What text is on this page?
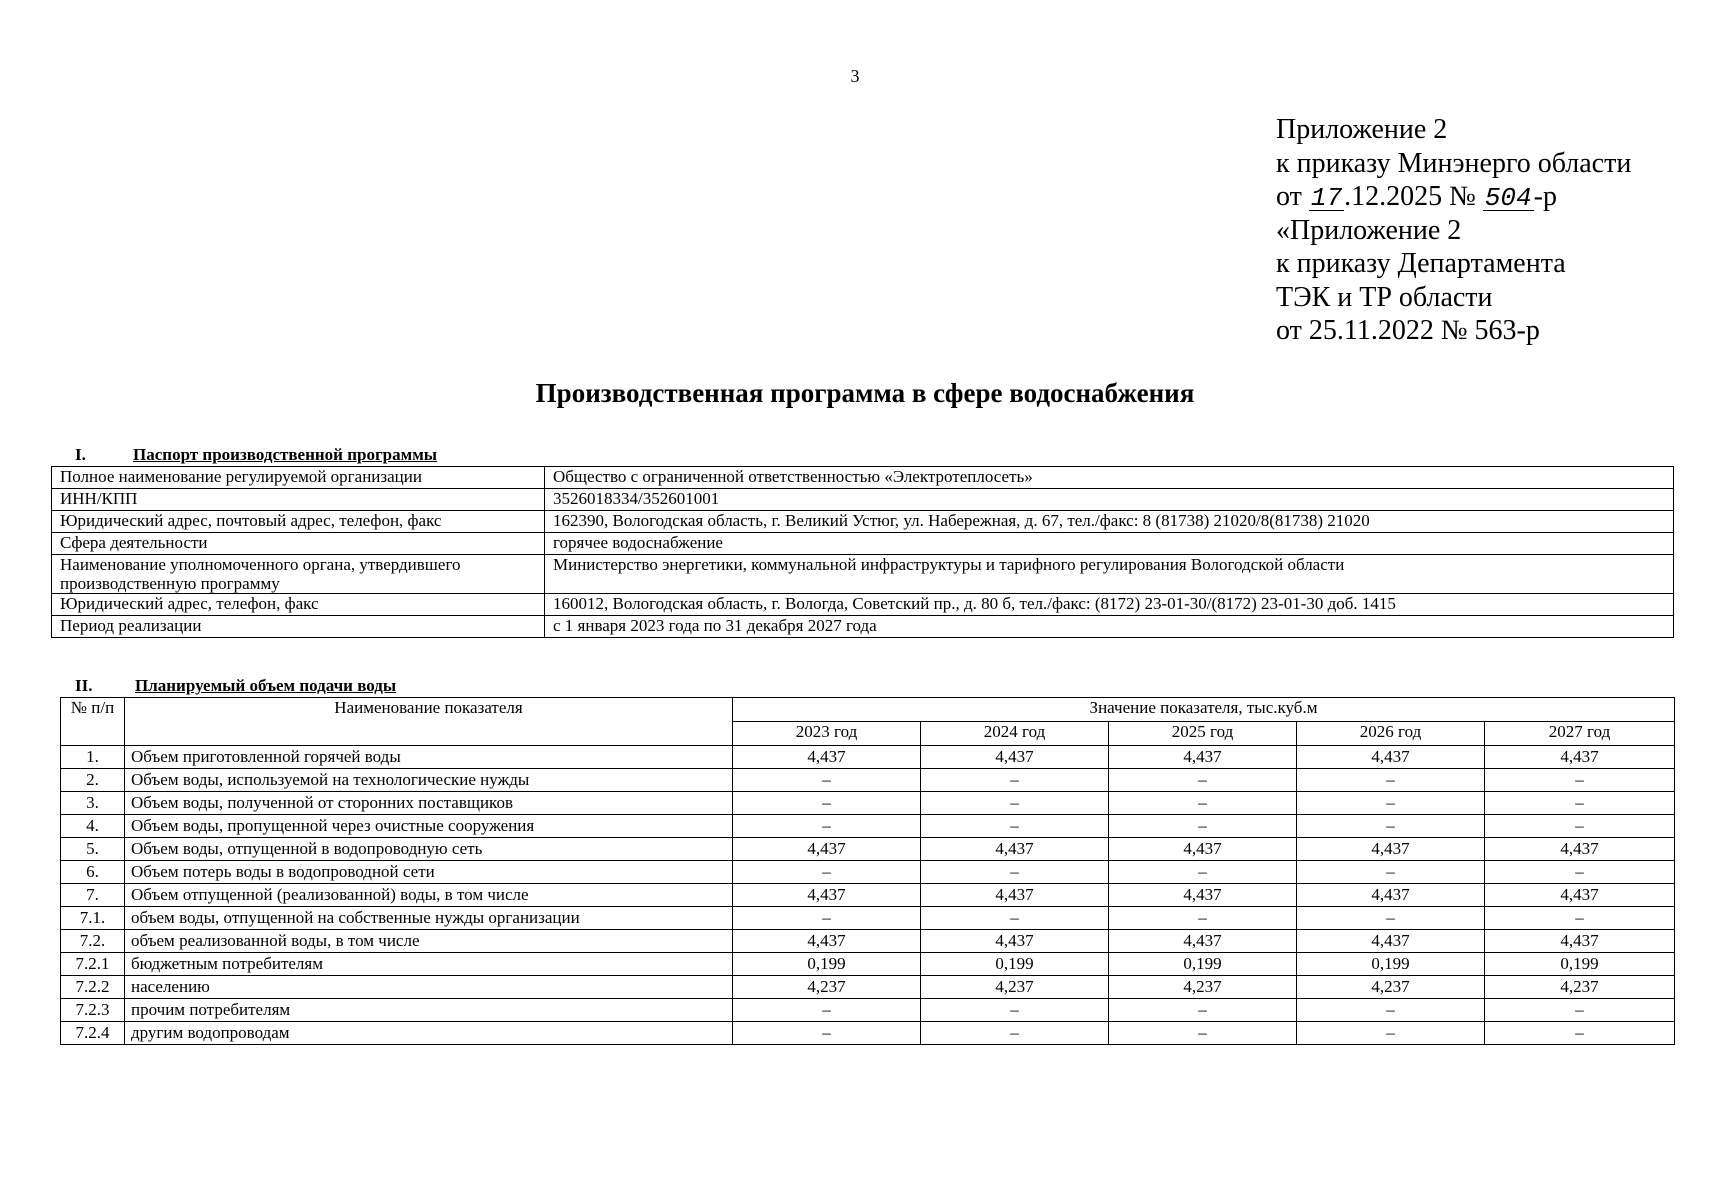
3
Приложение 2
к приказу Минэнерго области
от 17.12.2025 № 504-р
«Приложение 2
к приказу Департамента
ТЭК и ТР области
от 25.11.2022 № 563-р
Производственная программа в сфере водоснабжения
I.	Паспорт производственной программы
Полное наименование регулируемой организации	Общество с ограниченной ответственностью «Электротеплосеть»
ИНН/КПП	3526018334/352601001
Юридический адрес, почтовый адрес, телефон, факс	162390, Вологодская область, г. Великий Устюг, ул. Набережная, д. 67, тел./факс: 8 (81738) 21020/8(81738) 21020
Сфера деятельности	горячее водоснабжение
Наименование уполномоченного органа, утвердившего производственную программу	Министерство энергетики, коммунальной инфраструктуры и тарифного регулирования Вологодской области
Юридический адрес, телефон, факс	160012, Вологодская область, г. Вологда, Советский пр., д. 80 б, тел./факс: (8172) 23-01-30/(8172) 23-01-30 доб. 1415
Период реализации	с 1 января 2023 года по 31 декабря 2027 года
II.	Планируемый объем подачи воды
№ п/п	Наименование показателя	Значение показателя, тыс.куб.м				
		2023 год	2024 год	2025 год	2026 год	2027 год
1.	Объем приготовленной горячей воды	4,437	4,437	4,437	4,437	4,437
2.	Объем воды, используемой на технологические нужды	–	–	–	–	–
3.	Объем воды, полученной от сторонних поставщиков	–	–	–	–	–
4.	Объем воды, пропущенной через очистные сооружения	–	–	–	–	–
5.	Объем воды, отпущенной в водопроводную сеть	4,437	4,437	4,437	4,437	4,437
6.	Объем потерь воды в водопроводной сети	–	–	–	–	–
7.	Объем отпущенной (реализованной) воды, в том числе	4,437	4,437	4,437	4,437	4,437
7.1.	объем воды, отпущенной на собственные нужды организации	–	–	–	–	–
7.2.	объем реализованной воды, в том числе	4,437	4,437	4,437	4,437	4,437
7.2.1	бюджетным потребителям	0,199	0,199	0,199	0,199	0,199
7.2.2	населению	4,237	4,237	4,237	4,237	4,237
7.2.3	прочим потребителям	–	–	–	–	–
7.2.4	другим водопроводам	–	–	–	–	–
